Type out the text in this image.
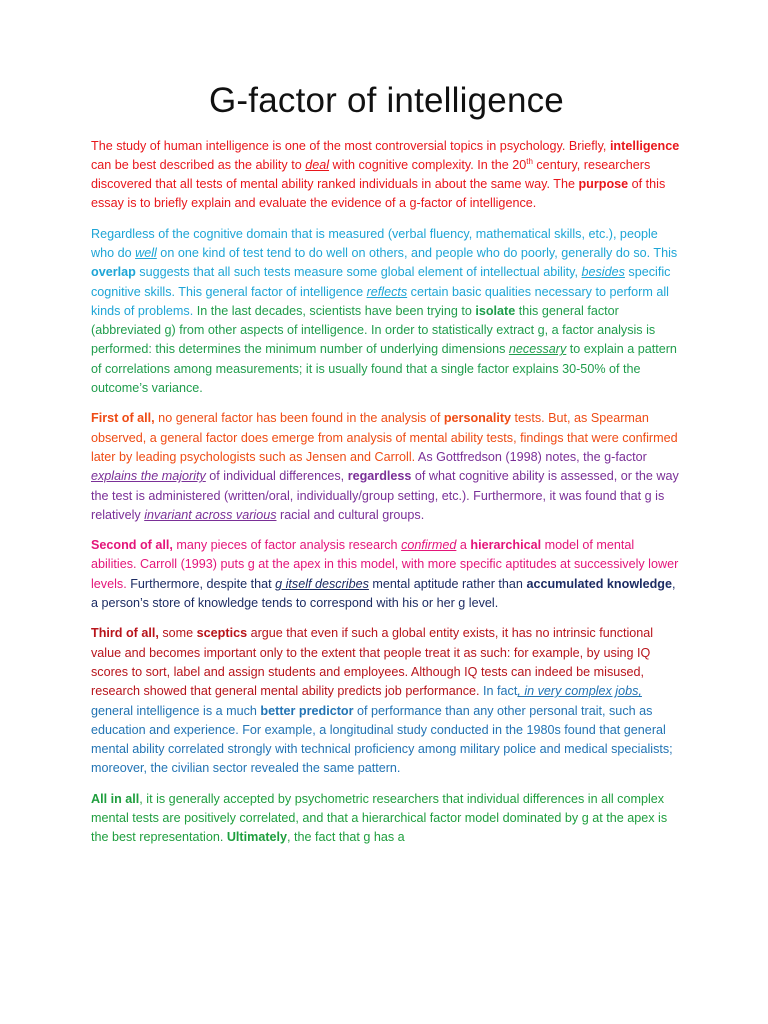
G-factor of intelligence

The study of human intelligence is one of the most controversial topics in psychology. Briefly, intelligence can be best described as the ability to deal with cognitive complexity. In the 20th century, researchers discovered that all tests of mental ability ranked individuals in about the same way. The purpose of this essay is to briefly explain and evaluate the evidence of a g-factor of intelligence.

Regardless of the cognitive domain that is measured (verbal fluency, mathematical skills, etc.), people who do well on one kind of test tend to do well on others, and people who do poorly, generally do so. This overlap suggests that all such tests measure some global element of intellectual ability, besides specific cognitive skills. This general factor of intelligence reflects certain basic qualities necessary to perform all kinds of problems. In the last decades, scientists have been trying to isolate this general factor (abbreviated g) from other aspects of intelligence. In order to statistically extract g, a factor analysis is performed: this determines the minimum number of underlying dimensions necessary to explain a pattern of correlations among measurements; it is usually found that a single factor explains 30-50% of the outcome’s variance.

First of all, no general factor has been found in the analysis of personality tests. But, as Spearman observed, a general factor does emerge from analysis of mental ability tests, findings that were confirmed later by leading psychologists such as Jensen and Carroll. As Gottfredson (1998) notes, the g-factor explains the majority of individual differences, regardless of what cognitive ability is assessed, or the way the test is administered (written/oral, individually/group setting, etc.). Furthermore, it was found that g is relatively invariant across various racial and cultural groups.

Second of all, many pieces of factor analysis research confirmed a hierarchical model of mental abilities. Carroll (1993) puts g at the apex in this model, with more specific aptitudes at successively lower levels. Furthermore, despite that g itself describes mental aptitude rather than accumulated knowledge, a person’s store of knowledge tends to correspond with his or her g level.

Third of all, some sceptics argue that even if such a global entity exists, it has no intrinsic functional value and becomes important only to the extent that people treat it as such: for example, by using IQ scores to sort, label and assign students and employees. Although IQ tests can indeed be misused, research showed that general mental ability predicts job performance. In fact, in very complex jobs, general intelligence is a much better predictor of performance than any other personal trait, such as education and experience. For example, a longitudinal study conducted in the 1980s found that general mental ability correlated strongly with technical proficiency among military police and medical specialists; moreover, the civilian sector revealed the same pattern.

All in all, it is generally accepted by psychometric researchers that individual differences in all complex mental tests are positively correlated, and that a hierarchical factor model dominated by g at the apex is the best representation. Ultimately, the fact that g has a
